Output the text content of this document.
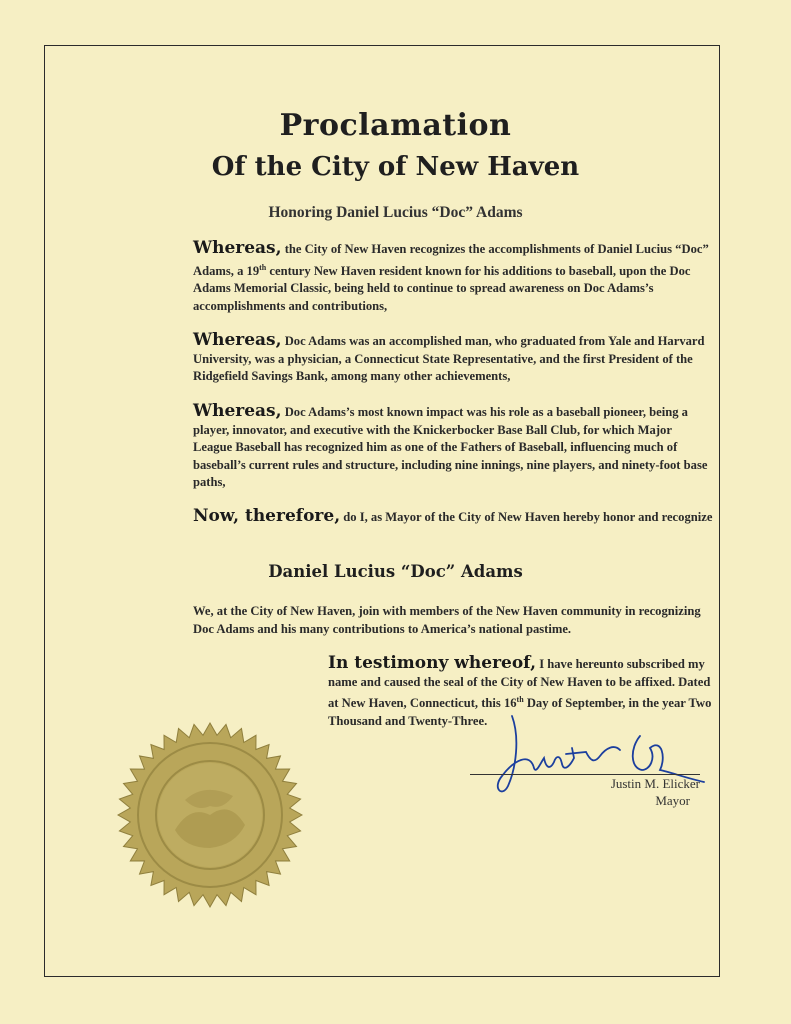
Proclamation
Of the City of New Haven
Honoring Daniel Lucius “Doc” Adams
Whereas, the City of New Haven recognizes the accomplishments of Daniel Lucius “Doc” Adams, a 19th century New Haven resident known for his additions to baseball, upon the Doc Adams Memorial Classic, being held to continue to spread awareness on Doc Adams’s accomplishments and contributions,
Whereas, Doc Adams was an accomplished man, who graduated from Yale and Harvard University, was a physician, a Connecticut State Representative, and the first President of the Ridgefield Savings Bank, among many other achievements,
Whereas, Doc Adams’s most known impact was his role as a baseball pioneer, being a player, innovator, and executive with the Knickerbocker Base Ball Club, for which Major League Baseball has recognized him as one of the Fathers of Baseball, influencing much of baseball’s current rules and structure, including nine innings, nine players, and ninety-foot base paths,
Now, therefore, do I, as Mayor of the City of New Haven hereby honor and recognize
Daniel Lucius “Doc” Adams
We, at the City of New Haven, join with members of the New Haven community in recognizing Doc Adams and his many contributions to America’s national pastime.
In testimony whereof, I have hereunto subscribed my name and caused the seal of the City of New Haven to be affixed. Dated at New Haven, Connecticut, this 16th Day of September, in the year Two Thousand and Twenty-Three.
Justin M. Elicker
Mayor
